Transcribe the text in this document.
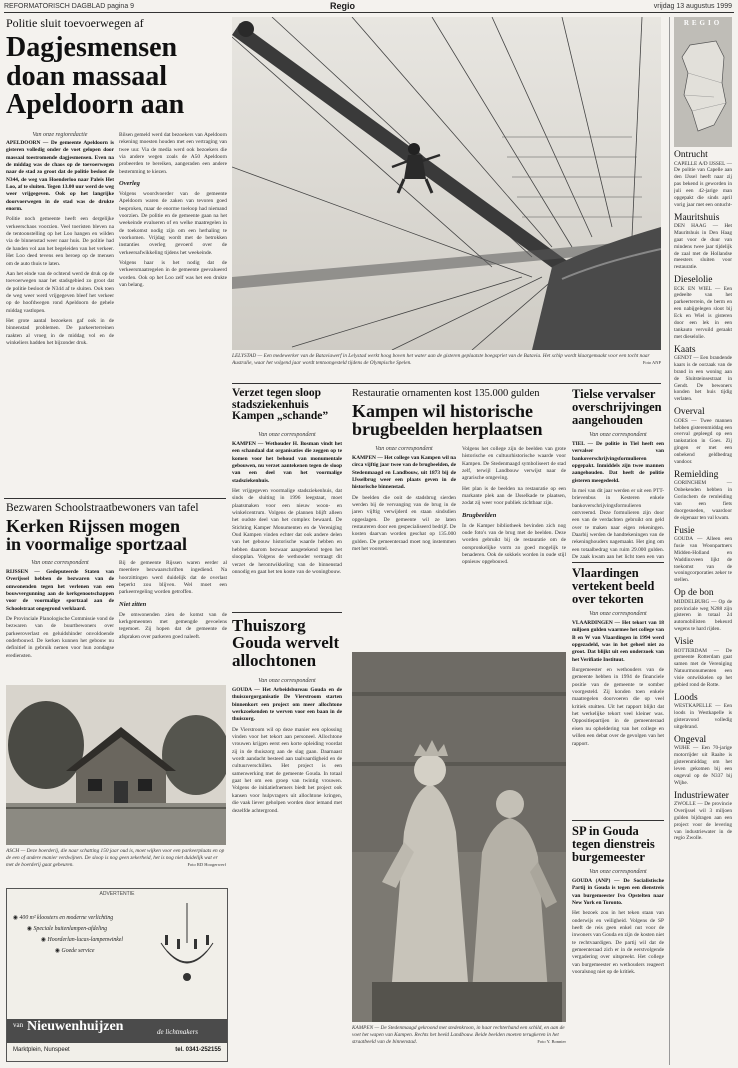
REFORMATORISCH DAGBLAD pagina 9	Regio	vrijdag 13 augustus 1999
Politie sluit toevoerwegen af
Dagjesmensen
doan massaal
Apeldoorn aan
Van onze regioredactie
APELDOORN — De gemeente Apeldoorn is gisteren volledig onder de voet gelopen door massaal toestromende dagjesmensen. Even na de middag was de chaos op de toevoerwegen naar de stad zo groot dat de politie besloot de N344, de weg van Hoenderloo naar Paleis Het Loo, af te sluiten. Tegen 13.00 uur werd de weg weer vrijgegeven. Ook op het langrijke doorvoerwegen in de stad was de drukte enorm.
Politie noch gemeente heeft een dergelijke verkeerschaos voorzien. Veel toeristen bleven na de tentoonstelling op het Loo hangen en wilden via de binnenstad weer naar huis. De politie had de handen vol aan het begeleiden van het verkeer. Het Loo deed tevens een beroep op de mensen om de auto thuis te laten.
Aan het einde van de ochtend werd de druk op de toevoerwegen naar het stadsgebied zo groot dat de politie besloot de N344 af te sluiten. Ook toen de weg weer werd vrijgegeven bleef het verkeer op de hoofdwegen rond Apeldoorn de gehele middag vastlopen.
Het grote aantal bezoekers gaf ook in de binnenstad problemen. De parkeerterreinen raakten al vroeg in de middag vol en de winkeliers hadden het bijzonder druk.
Bilsen gemeld werd dat bezoekers van Apeldoorn rekening moesten houden met een vertraging van twee uur. Via de media werd ook bezoekers die via andere wegen zoals de A50 Apeldoorn probeerden te bereiken, aangeraden een andere bestemming te kiezen.
Overleg
Volgens woordvoerder van de gemeente Apeldoorn waren de zaken van tevoren goed besproken, maar de enorme toeloop had niemand voorzien. De politie en de gemeente gaan na het weekeinde evalueren of en welke maatregelen in de toekomst nodig zijn om een herhaling te voorkomen. Vrijdag wordt met de betrokken instanties overleg gevoerd over de verkeersafwikkeling tijdens het weekeinde.
Volgens haar is het nodig dat de verkeersmaatregelen in de gemeente geevalueerd worden. Ook op het Loo zelf was het een drukte van belang.
LELYSTAD — Een medewerker van de Bataviawerf in Lelystad werkt hoog boven het water aan de gisteren geplaatste boegspriet van de Batavia. Het schip wordt klaargemaakt voor een tocht naar Australie, waar het volgend jaar wordt tentoongesteld tijdens de Olympische Spelen.	Foto ANP
Verzet tegen sloop
stadsziekenhuis
Kampen „schande”
Van onze correspondent
KAMPEN — Wethouder H. Bosman vindt het een schandaal dat organisaties die zeggen op te komen voor het behoud van monumentale gebouwen, nu verzet aantekenen tegen de sloop van een deel van het voormalige stadsziekenhuis.
Het vrijgegeven voormalige stadsziekenhuis, dat sinds de sluiting in 1996 leegstaat, moet plaatsmaken voor een nieuw woon- en winkelcentrum. Volgens de plannen blijft alleen het oudste deel van het complex bewaard. De Stichting Kamper Monumenten en de Vereniging Oud Kampen vinden echter dat ook andere delen van het gebouw historische waarde hebben en hebben daarom bezwaar aangetekend tegen het sloopplan. Volgens de wethouder vertraagt dit verzet de herontwikkeling van de binnenstad onnodig en gaat het ten koste van de woningbouw.
Restauratie ornamenten kost 135.000 gulden
Kampen wil historische
brugbeelden herplaatsen
Van onze correspondent
KAMPEN — Het college van Kampen wil na circa vijftig jaar twee van de brugbeelden, de Stedenmaagd en Landbouw, uit 1873 bij de IJsselbrug weer een plaats geven in de historische binnenstad.
De beelden die ooit de stadsbrug sierden werden bij de vervanging van de brug in de jaren vijftig verwijderd en staan sindsdien opgeslagen. De gemeente wil ze laten restaureren door een gespecialiseerd bedrijf. De kosten daarvan worden geschat op 135.000 gulden. De gemeenteraad moet nog instemmen met het voorstel.
Volgens het college zijn de beelden van grote historische en cultuurhistorische waarde voor Kampen. De Stedenmaagd symboliseert de stad zelf, terwijl Landbouw verwijst naar de agrarische omgeving.
Het plan is de beelden na restauratie op een markante plek aan de IJsselkade te plaatsen, zodat zij weer voor publiek zichtbaar zijn.
Brugbeelden
In de Kamper bibliotheek bevinden zich nog oude foto's van de brug met de beelden. Deze worden gebruikt bij de restauratie om de oorspronkelijke vorm zo goed mogelijk te benaderen. Ook de sokkels worden in oude stijl opnieuw opgebouwd.
Tielse vervalser
overschrijvingen
aangehouden
Van onze correspondent
TIEL — De politie in Tiel heeft een vervalser van bankoverschrijvingsformulieren opgepakt. Inmiddels zijn twee mannen aangehouden. Dat heeft de politie gisteren meegedeeld.
In mei van dit jaar werden er uit een PTT-brievenbus in Kesteren enkele bankoverschrijvingsformulieren ontvreemd. Deze formulieren zijn door een van de verdachten gebruikt om geld over te maken naar eigen rekeningen. Daarbij werden de handtekeningen van de rekeninghouders nagemaakt. Het ging om een totaalbedrag van ruim 29.000 gulden. De zaak kwam aan het licht toen een van
Vlaardingen
vertekent beeld
over tekorten
Van onze correspondent
VLAARDINGEN — Het tekort van 18 miljoen gulden waarmee het college van B en W van Vlaardingen in 1994 werd opgezadeld, was in het geheel niet zo groot. Dat blijkt uit een onderzoek van het Verifiatie Instituut.
Burgemeester en wethouders van de gemeente hebben in 1994 de financiele positie van de gemeente te somber voorgesteld. Zij konden toen enkele maatregelen doorvoeren die op veel kritiek stuitten. Uit het rapport blijkt dat het werkelijke tekort veel kleiner was. Oppositiepartijen in de gemeenteraad eisen nu opheldering van het college en willen een debat over de gevolgen van het rapport.
SP in Gouda
tegen dienstreis
burgemeester
Van onze correspondent
GOUDA (ANP) — De Socialistische Partij in Gouda is tegen een dienstreis van burgemeester Ivo Opstelten naar New York en Toronto.
Het bezoek zou in het teken staan van onderwijs en veiligheid. Volgens de SP heeft de reis geen enkel nut voor de inwoners van Gouda en zijn de kosten niet te rechtvaardigen. De partij wil dat de gemeenteraad zich er in de eerstvolgende vergadering over uitspreekt. Het college van burgemeester en wethouders reageert vooralsnog niet op de kritiek.
Bezwaren Schoolstraatbewoners van tafel
Kerken Rijssen mogen
in voormalige sportzaal
Van onze correspondent
RIJSSEN — Gedeputeerde Staten van Overijssel hebben de bezwaren van de omwonenden tegen het verlenen van een bouwvergunning aan de kerkgenootschappen voor de voormalige sportzaal aan de Schoolstraat ongegrond verklaard.
De Provinciale Planologische Commissie vond de bezwaren van de buurtbewoners over parkeeroverlast en geluidshinder onvoldoende onderbouwd. De kerken kunnen het gebouw nu definitief in gebruik nemen voor hun zondagse erediensten.
Bij de gemeente Rijssen waren eerder al meerdere bezwaarschriften ingediend. Na hoorzittingen werd duidelijk dat de overlast beperkt zou blijven. Wel moet een parkeerregeling worden getroffen.
Niet zitten
De omwonenden zien de komst van de kerkgemeenten met gemengde gevoelens tegemoet. Zij hopen dat de gemeente de afspraken over parkeren goed naleeft.
ASCH — Deze boerderij, die naar schatting 150 jaar oud is, moet wijken voor een parkeerplaats en op de een of andere manier verdwijnen. De sloop is nog geen zekerheid, het is nog niet duidelijk wat er met de boerderij gaat gebeuren.	Foto RD Hoogerwerf
Thuiszorg
Gouda wervelt
allochtonen
Van onze correspondent
GOUDA — Het Arbeidsbureau Gouda en de thuiszorgorganisatie De Vierstroom starten binnenkort een project om meer allochtone werkzoekenden te werven voor een baan in de thuiszorg.
De Vierstroom wil op deze manier een oplossing vinden voor het tekort aan personeel. Allochtone vrouwen krijgen eerst een korte opleiding voordat zij in de thuiszorg aan de slag gaan. Daarnaast wordt aandacht besteed aan taalvaardigheid en de cultuurverschillen. Het project is een samenwerking met de gemeente Gouda. In totaal gaat het om een groep van twintig vrouwen. Volgens de initiatiefnemers biedt het project ook kansen voor hulpvragers uit allochtone kringen, die vaak liever geholpen worden door iemand met dezelfde achtergrond.
KAMPEN — De Stedenmaagd gekroond met stedenkroon, in haar rechterhand een schild, en aan de voet het wapen van Kampen. Rechts het beeld Landbouw. Beide beelden moeten terugkeren in het straatbeeld van de binnenstad.	Foto Y. Bonnier
ADVERTENTIE
◉ 400 m² kloosters en moderne verlichting
◉ Speciale buitenlampen-afdeling
◉ Hoorderlan-lucas-lampenwinkel
◉ Goede service
van Nieuwenhuijzen	de lichtmakers
Marktplein, Nunspeet	tel. 0341-252155
REGIO
Ontrucht
CAPELLE A/D IJSSEL — De politie van Capelle aan den IJssel heeft naar zij pas bekend is geworden in juli een 42-jarige man opgepakt die sinds april vorig jaar met een ontucht-
Mauritshuis
DEN HAAG — Het Mauritshuis in Den Haag gaat voor de duur van mindens twee jaar tijdelijk de zaal met de Hollandse meesters sluiten voor restauratie.
Dieselolie
ECK EN WIEL — Een gedeelte van het parkeerterrein, de berm en een nabijgelegen sloot bij Eck en Wiel is gisteren door een lek in een tankauto vervuild geraakt met dieselolie.
Kaats
GENDT — Een brandende kaars is de oorzaak van de brand in een woning aan de Sluitsteinsestraat in Gendt. De bewoners konden het huis tijdig verlaten.
Overval
GOES — Twee mannen hebben gisterenmiddag een overval gepleegd op een tankstation in Goes. Zij gingen er met een onbekend geldbedrag vandoor.
Remielding
GORINCHEM — Onbekenden hebben in Gorinchem de remleiding van een fiets doorgesneden, waardoor de eigenaar ten val kwam.
Fusie
GOUDA — Alleen een fusie van Woonpartners Midden-Holland en Waddinxveen lijkt de toekomst van de woningcorporaties zeker te stellen.
Op de bon
MIDDELBURG — Op de provinciale weg N288 zijn gisteren in totaal 24 automobilisten bekeurd wegens te hard rijden.
Visie
ROTTERDAM — De gemeente Rotterdam gaat samen met de Vereniging Natuurmonumenten een visie ontwikkelen op het gebied rond de Rotte.
Loods
WESTKAPELLE — Een loods in Westkapelle is gisteravond volledig uitgebrand.
Ongeval
WIJHE — Een 70-jarige motorrijder uit Raalte is gisterenmiddag om het leven gekomen bij een ongeval op de N337 bij Wijhe.
Industriewater
ZWOLLE — De provincie Overijssel wil 3 miljoen gulden bijdragen aan een project voor de levering van industriewater in de regio Zwolle.
